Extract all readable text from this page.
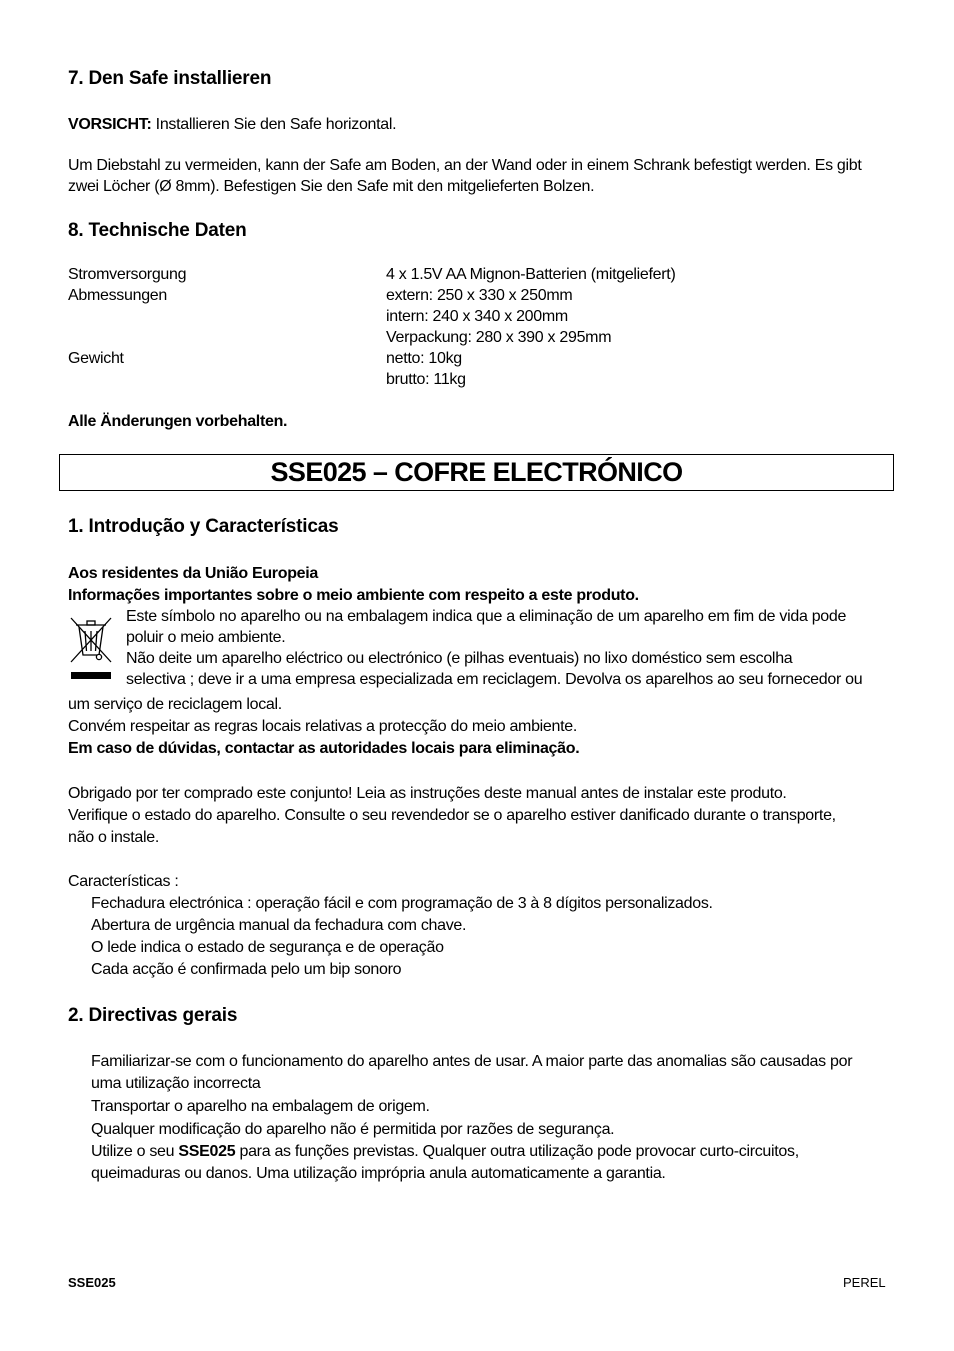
7. Den Safe installieren
VORSICHT: Installieren Sie den Safe horizontal.
Um Diebstahl zu vermeiden, kann der Safe am Boden, an der Wand oder in einem Schrank befestigt werden. Es gibt
zwei Löcher (Ø 8mm). Befestigen Sie den Safe mit den mitgelieferten Bolzen.
8. Technische Daten
Stromversorgung
Abmessungen

Gewicht

4 x 1.5V AA Mignon-Batterien (mitgeliefert)
extern: 250 x 330 x 250mm
intern: 240 x 340 x 200mm
Verpackung: 280 x 390 x 295mm
netto: 10kg
brutto: 11kg
Alle Änderungen vorbehalten.
SSE025 – COFRE ELECTRÓNICO
1. Introdução y Características
Aos residentes da União Europeia
Informações importantes sobre o meio ambiente com respeito a este produto.
Este símbolo no aparelho ou na embalagem indica que a eliminação de um aparelho em fim de vida pode
poluir o meio ambiente.
Não deite um aparelho eléctrico ou electrónico (e pilhas eventuais) no lixo doméstico sem escolha
selectiva ; deve ir a uma empresa especializada em reciclagem. Devolva os aparelhos ao seu fornecedor ou
um serviço de reciclagem local.
Convém respeitar as regras locais relativas a protecção do meio ambiente.
Em caso de dúvidas, contactar as autoridades locais para eliminação.
Obrigado por ter comprado este conjunto! Leia as instruções deste manual antes de instalar este produto.
Verifique o estado do aparelho. Consulte o seu revendedor se o aparelho estiver danificado durante o transporte,
não o instale.
Características :
Fechadura electrónica : operação fácil e com programação de 3 à 8 dígitos personalizados.
Abertura de urgência manual da fechadura com chave.
O lede indica o estado de segurança e de operação
Cada acção é confirmada pelo um bip sonoro
2. Directivas gerais
Familiarizar-se com o funcionamento do aparelho antes de usar. A maior parte das anomalias são causadas por
uma utilização incorrecta
Transportar o aparelho na embalagem de origem.
Qualquer modificação do aparelho não é permitida por razões de segurança.
Utilize o seu SSE025 para as funções previstas. Qualquer outra utilização pode provocar curto-circuitos,
queimaduras ou danos. Uma utilização imprópria anula automaticamente a garantia.
SSE025	PEREL
